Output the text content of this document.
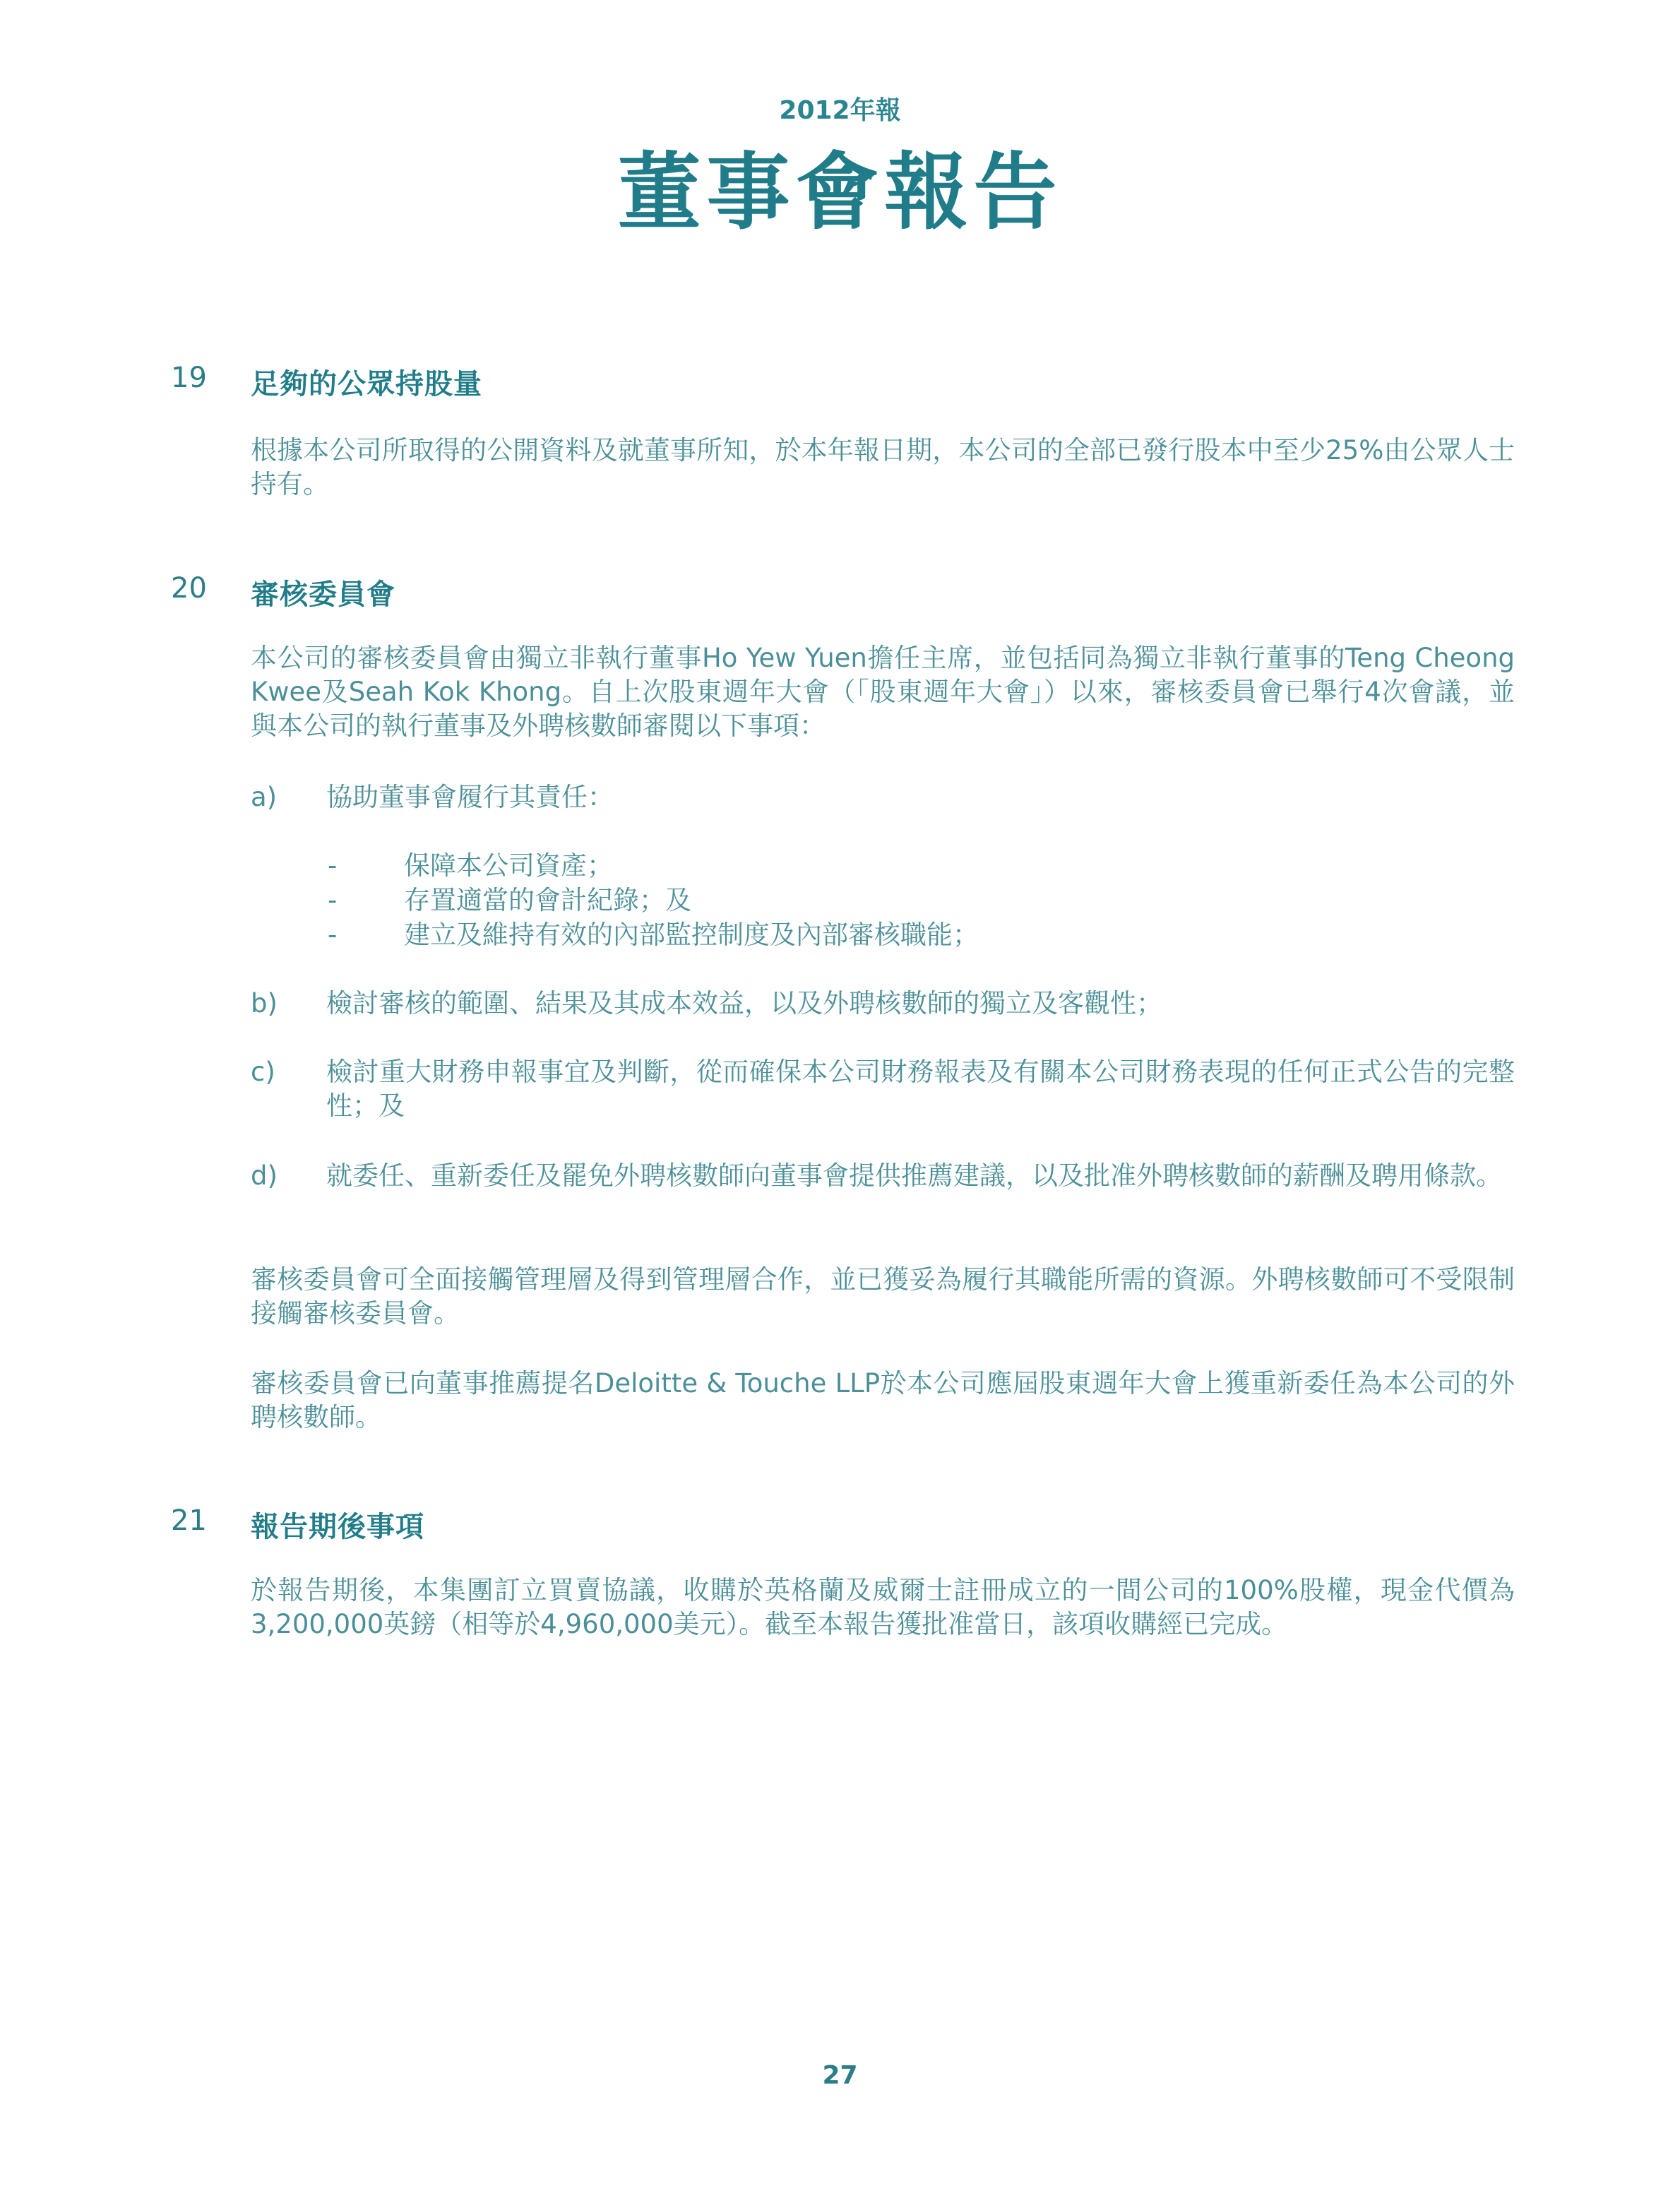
2012年報
董事會報告
19 足夠的公眾持股量
根據本公司所取得的公開資料及就董事所知，於本年報日期，本公司的全部已發行股本中至少25%由公眾人士持有。
20 審核委員會
本公司的審核委員會由獨立非執行董事Ho Yew Yuen擔任主席，並包括同為獨立非執行董事的Teng Cheong Kwee及Seah Kok Khong。自上次股東週年大會（「股東週年大會」）以來，審核委員會已舉行4次會議，並與本公司的執行董事及外聘核數師審閱以下事項：
a) 協助董事會履行其責任：
-	保障本公司資產；
-	存置適當的會計紀錄；及
-	建立及維持有效的內部監控制度及內部審核職能；
b) 檢討審核的範圍、結果及其成本效益，以及外聘核數師的獨立及客觀性；
c) 檢討重大財務申報事宜及判斷，從而確保本公司財務報表及有關本公司財務表現的任何正式公告的完整性；及
d) 就委任、重新委任及罷免外聘核數師向董事會提供推薦建議，以及批准外聘核數師的薪酬及聘用條款。
審核委員會可全面接觸管理層及得到管理層合作，並已獲妥為履行其職能所需的資源。外聘核數師可不受限制接觸審核委員會。
審核委員會已向董事推薦提名Deloitte & Touche LLP於本公司應屆股東週年大會上獲重新委任為本公司的外聘核數師。
21 報告期後事項
於報告期後，本集團訂立買賣協議，收購於英格蘭及威爾士註冊成立的一間公司的100%股權，現金代價為3,200,000英鎊（相等於4,960,000美元）。截至本報告獲批准當日，該項收購經已完成。
27
